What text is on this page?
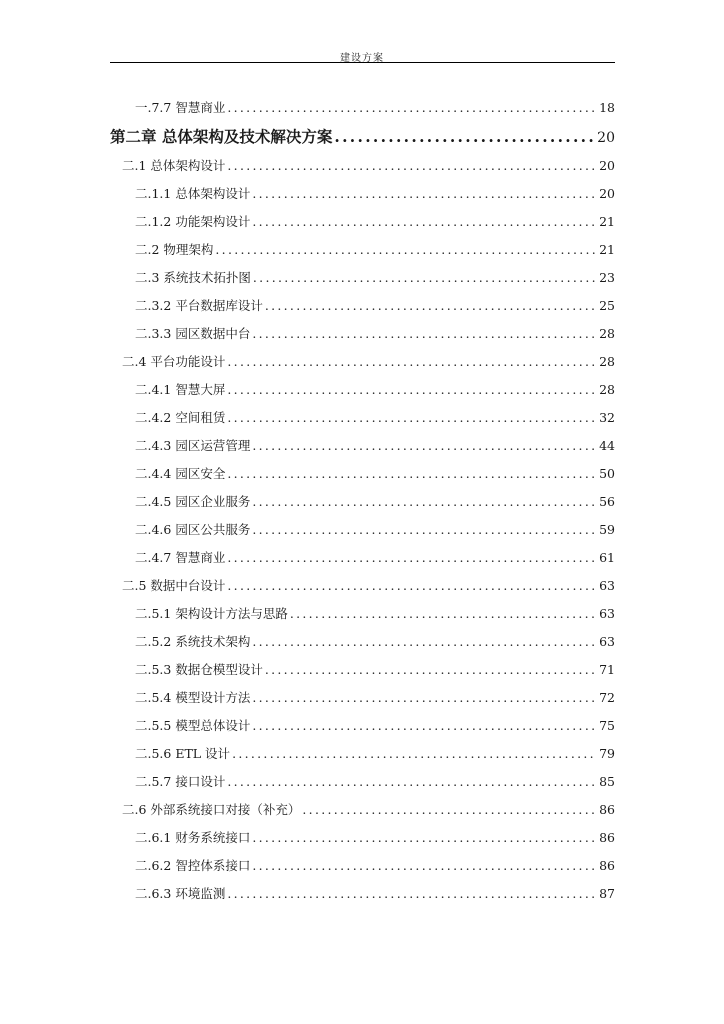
建设方案
一.7.7 智慧商业 .....	18
第二章 总体架构及技术解决方案 .....	20
二.1 总体架构设计 .....	20
二.1.1 总体架构设计 .....	20
二.1.2 功能架构设计 .....	21
二.2 物理架构 .....	21
二.3 系统技术拓扑图 .....	23
二.3.2 平台数据库设计 .....	25
二.3.3 园区数据中台 .....	28
二.4 平台功能设计 .....	28
二.4.1 智慧大屏 .....	28
二.4.2 空间租赁 .....	32
二.4.3 园区运营管理 .....	44
二.4.4 园区安全 .....	50
二.4.5 园区企业服务 .....	56
二.4.6 园区公共服务 .....	59
二.4.7 智慧商业 .....	61
二.5 数据中台设计 .....	63
二.5.1 架构设计方法与思路 .....	63
二.5.2 系统技术架构 .....	63
二.5.3 数据仓模型设计 .....	71
二.5.4 模型设计方法 .....	72
二.5.5 模型总体设计 .....	75
二.5.6 ETL 设计 .....	79
二.5.7 接口设计 .....	85
二.6 外部系统接口对接（补充） .....	86
二.6.1 财务系统接口 .....	86
二.6.2 智控体系接口 .....	86
二.6.3 环境监测 .....	87
